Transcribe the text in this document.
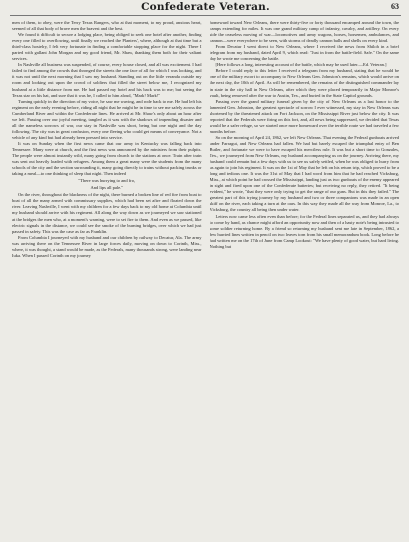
Confederate Veteran.	63

men of them, to obey, were the Terry Texas Rangers, who at that moment, to my proud, anxious heart, seemed of all that body of brave men the bravest and the best.

We found it difficult to secure a lodging place, being obliged to seek one hotel after another, finding every one filled to overflowing, until finally we reached the Planters', where, although at that time but a third-class hostelry, I felt very fortunate in finding a comfortable stopping place for the night. There I parted with gallant John Morgan and my good friend, Mr. Shaw, thanking them both for their valiant services.

In Nashville all business was suspended, of course, every house closed, and all was excitement. I had failed to find among the crowds that thronged the streets the one face of all for which I was looking, and it was not until the next morning that I saw my husband. Standing out on the little veranda outside my room and looking out upon the crowd of soldiers that filled the street below me, I recognized my husband at a little distance from me. He had passed my hotel and his back was to me; but seeing the Texas star on his hat, and sure that it was he, I called to him aloud, "Mark! Mark!"

Turning quickly in the direction of my voice, he saw me waving, and rode back to me. He had left his regiment on the early evening before, riding all night that he might be in time to see me safely across the Cumberland River and within the Confederate lines. He arrived at Mr. Shaw's only about an hour after we left. Passing over our joyful meeting, tangled as it was with the shadows of impending disaster and all the nameless sorrows of war, our stay in Nashville was short, being but one night and the day following. The city was in great confusion, every one fleeing who could get means of conveyance. Not a vehicle of any kind but had already been pressed into service.

It was on Sunday when the first news came that our army in Kentucky was falling back into Tennessee. Many were at church, and the first news was announced by the ministers from their pulpits. The people were almost instantly wild, many going from church to the stations at once. Train after train was sent out heavily loaded with refugees. Among them a great many were the students from the many schools of the city and the section surrounding it, many going directly to trains without packing trunks or taking a meal—to one thinking of sleep that night. Then indeed

"There was hurrying to and fro,

And lips all pale."

On the river, throughout the blackness of the night, there burned a broken line of red fire from boat to boat of all the many armed with commissary supplies, which had been set afire and floated down the river. Leaving Nashville, I went with my children for a few days back to my old home at Columbia until my husband should arrive with his regiment. All along the way down as we journeyed we saw stationed at the bridges the men who, at a moment's warning, were to set fire to them. And even as we passed, like electric signals in the distance, we could see the smoke of the burning bridges, over which we had just passed in safety. This was the case as far as Franklin.

From Columbia I journeyed with my husband and our children by railway to Decatur, Ala. The army was arriving there on the Tennessee River in large forces daily, moving on down to Corinth, Miss., where, it was thought, a stand would be made, as the Federals, many thousands strong, were landing near Iuka. When I passed Corinth on my journey

homeward toward New Orleans, there were thirty-five or forty thousand encamped around the town, the camps extending for miles. It was one grand military camp of infantry, cavalry, and artillery. On every side the ceaseless moving of war—locomotives and army wagons, horses, horsemen, ambulances, and cannon—were everywhere to be seen, with storms of deadly cannon balls and shells on every kind.

From Decatur I went direct to New Orleans, where I received the news from Shiloh in a brief telegram from my husband, dated April 9, which read: "Just in from the battle-field. Safe." On the same day he wrote me concerning the battle.

[Here follows a long, interesting account of the battle, which may be used later.—Ed. Veteran.]

Before I could reply to this letter I received a telegram from my husband, stating that he would be one of the military escort to accompany to New Orleans Gen. Johnston's remains, which would arrive on the next day, the 10th of April. As will be remembered, the remains of the distinguished commander lay in state in the city hall in New Orleans, after which they were placed temporarily in Major Monroe's vault, being removed after the war to Austin, Tex., and buried in the State Capitol grounds.

Passing over the grand military funeral given by the city of New Orleans as a last honor to the lamented Gen. Johnston, the greatest spectacle of sorrow I ever witnessed, my stay in New Orleans was shortened by the threatened attack on Fort Jackson, on the Mississippi River just below the city. It was reported that the Federals were firing on this fort, and, all news being suppressed, we decided that Texas would be a safer refuge, so we started once more homeward over the terrible route we had traveled a few months before.

So on the morning of April 24, 1862, we left New Orleans. That evening the Federal gunboats arrived under Farragut, and New Orleans had fallen. We had but barely escaped the triumphal entry of Ben Butler, and fortunate we were to have escaped his merciless rule. It was but a short time to Gonzales, Tex., we journeyed from New Orleans, my husband accompanying us on the journey. Arriving there, my husband could remain but a few days with us to see us safely settled, when he was obliged to hurry from us again to join his regiment. It was on the 1st of May that he left on his return trip, which proved to be a long and tedious one. It was the 31st of May that I had word from him that he had reached Vicksburg, Miss., at which point he had crossed the Mississippi, landing just as two gunboats of the enemy appeared in sight and fired upon one of the Confederate batteries; but receiving no reply, they retired. "It being evident," he wrote, "that they were only trying to get the range of our guns. But in this they failed." The greatest part of this trying journey by my husband and two or three companions was made in an open skiff on the river, each taking a turn at the oars. In this way they made all the way from Monroe, La., to Vicksburg, the country all being then under water.

Letters now came less often even than before; for the Federal lines separated us, and they had always to come by hand, as chance might afford an opportunity now and then of a hasty note's being intrusted to some soldier returning home. By a friend so returning my husband sent me late in September, 1862, a few hurried lines written in pencil on two leaves torn from his small memorandum book. Long before he had written me on the 17th of June from Camp Lookout: "We have plenty of good water, but hard living. Nothing but
